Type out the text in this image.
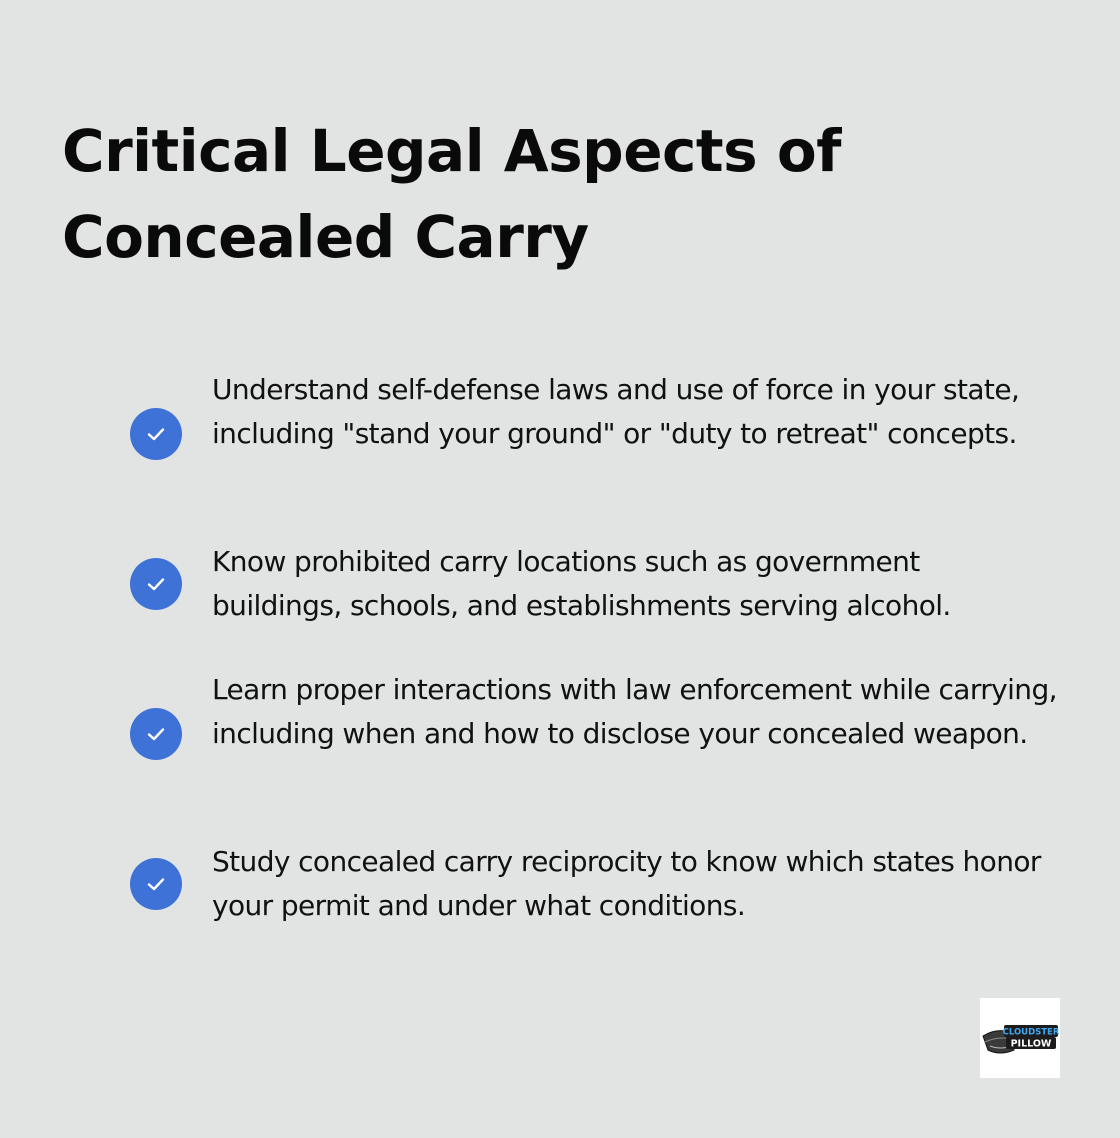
Critical Legal Aspects of Concealed Carry

Understand self-defense laws and use of force in your state, including "stand your ground" or "duty to retreat" concepts.

Know prohibited carry locations such as government buildings, schools, and establishments serving alcohol.

Learn proper interactions with law enforcement while carrying, including when and how to disclose your concealed weapon.

Study concealed carry reciprocity to know which states honor your permit and under what conditions.

CLOUDSTER
PILLOW
